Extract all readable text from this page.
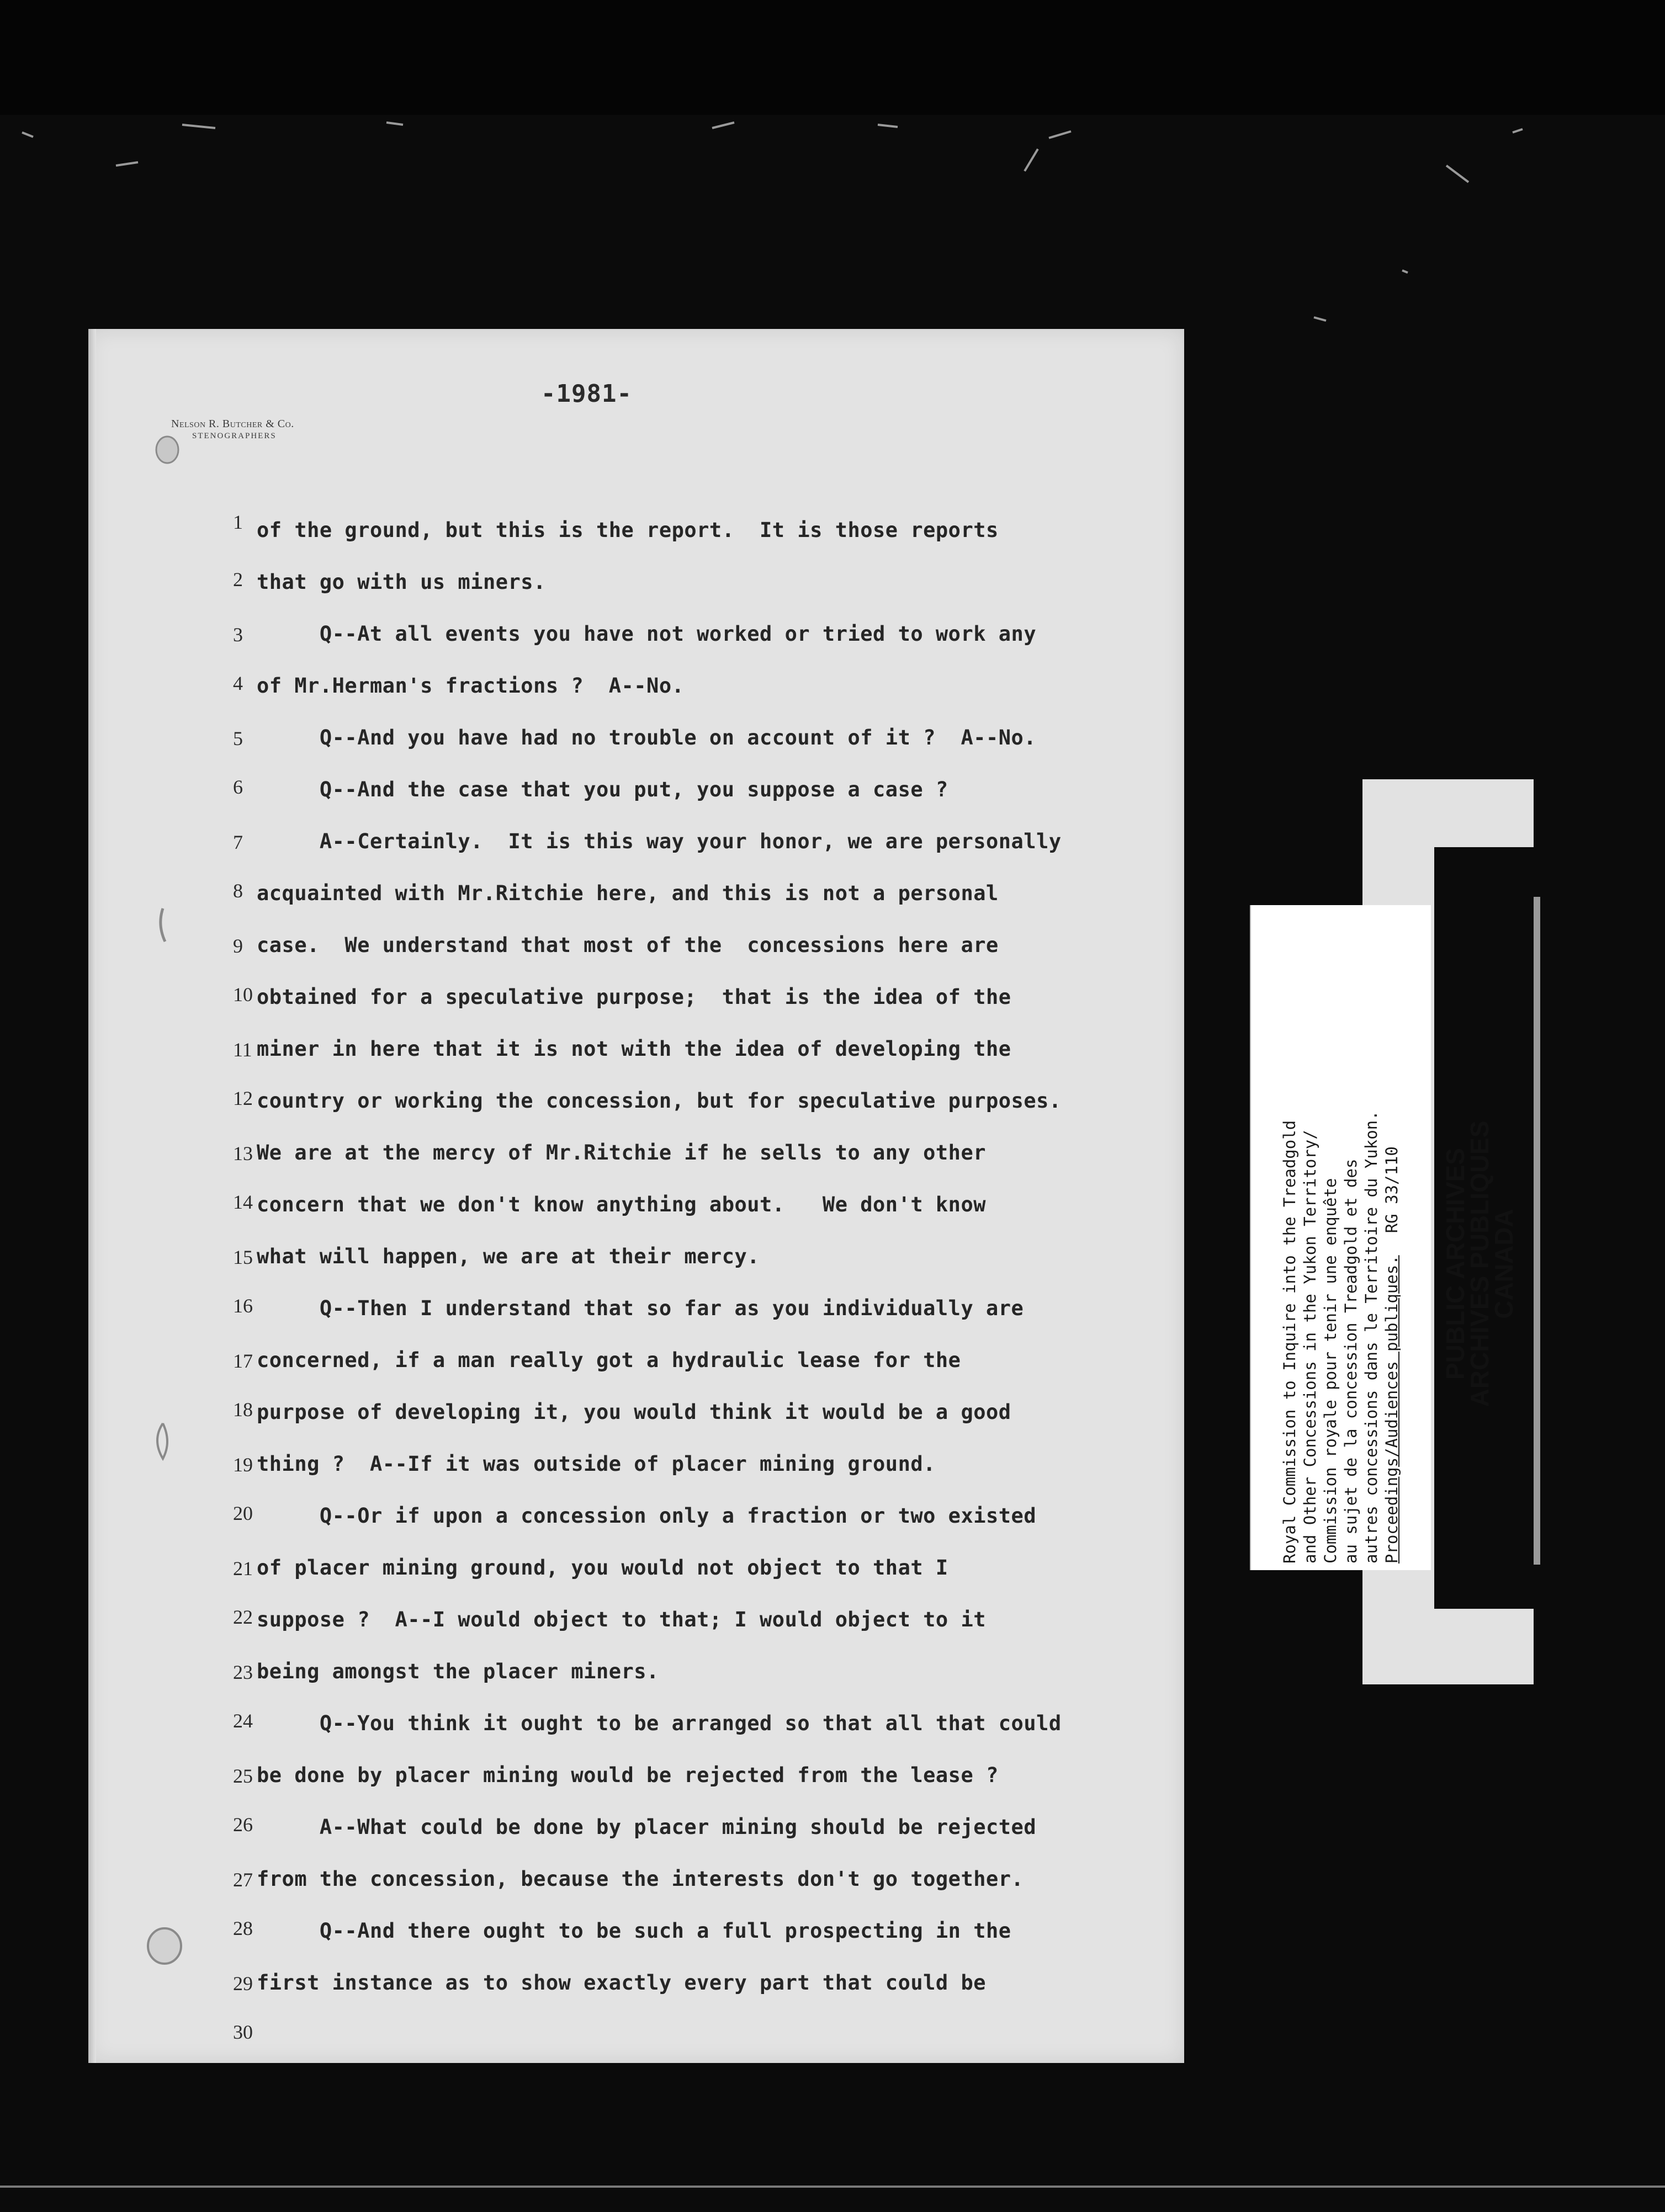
-1981-
Nelson R. Butcher & Co.
STENOGRAPHERS
1 of the ground, but this is the report.  It is those reports
2 that go with us miners.
3 Q--At all events you have not worked or tried to work any
4 of Mr.Herman's fractions ?  A--No.
5 Q--And you have had no trouble on account of it ?  A--No.
6 Q--And the case that you put, you suppose a case ?
7 A--Certainly.  It is this way your honor, we are personally
8 acquainted with Mr.Ritchie here, and this is not a personal
9 case.  We understand that most of the  concessions here are
10 obtained for a speculative purpose;  that is the idea of the
11 miner in here that it is not with the idea of developing the
12 country or working the concession, but for speculative purposes.
13 We are at the mercy of Mr.Ritchie if he sells to any other
14 concern that we don't know anything about.   We don't know
15 what will happen, we are at their mercy.
16 Q--Then I understand that so far as you individually are
17 concerned, if a man really got a hydraulic lease for the
18 purpose of developing it, you would think it would be a good
19 thing ?  A--If it was outside of placer mining ground.
20 Q--Or if upon a concession only a fraction or two existed
21 of placer mining ground, you would not object to that I
22 suppose ?  A--I would object to that; I would object to it
23 being amongst the placer miners.
24 Q--You think it ought to be arranged so that all that could
25 be done by placer mining would be rejected from the lease ?
26 A--What could be done by placer mining should be rejected
27 from the concession, because the interests don't go together.
28 Q--And there ought to be such a full prospecting in the
29 first instance as to show exactly every part that could be
30
Royal Commission to Inquire into the Treadgold and Other Concessions in the Yukon Territory/ Commission royale pour tenir une enquête au sujet de la concession Treadgold et des autres concessions dans le Territoire du Yukon. Proceedings/Audiences publiques.RG 33/110 PUBLIC ARCHIVES
ARCHIVES PUBLIQUES
CANADA
